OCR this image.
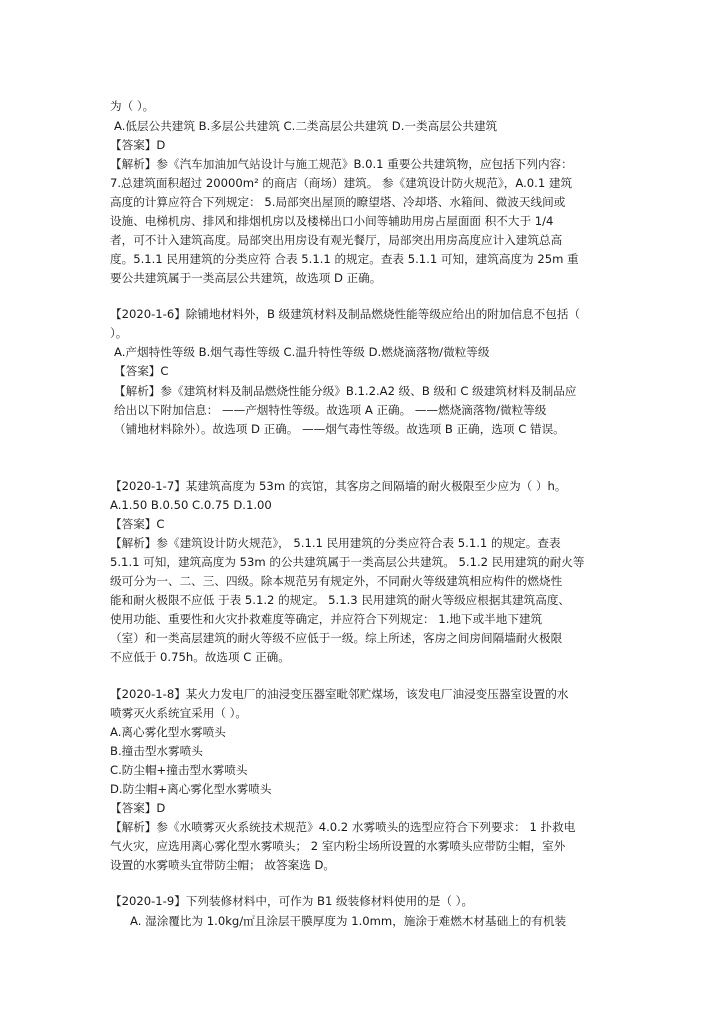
为（ ）。
A.低层公共建筑 B.多层公共建筑 C.二类高层公共建筑 D.一类高层公共建筑
【答案】D
【解析】参《汽车加油加气站设计与施工规范》B.0.1 重要公共建筑物，应包括下列内容：
7.总建筑面积超过 20000m² 的商店（商场）建筑。 参《建筑设计防火规范》，A.0.1 建筑
高度的计算应符合下列规定： 5.局部突出屋顶的瞭望塔、冷却塔、水箱间、微波天线间或
设施、电梯机房、排风和排烟机房以及楼梯出口小间等辅助用房占屋面面 积不大于 1/4
者，可不计入建筑高度。局部突出用房设有观光餐厅，局部突出用房高度应计入建筑总高
度。5.1.1 民用建筑的分类应符 合表 5.1.1 的规定。查表 5.1.1 可知，建筑高度为 25m 重
要公共建筑属于一类高层公共建筑，故选项 D 正确。
【2020-1-6】除铺地材料外，B 级建筑材料及制品燃烧性能等级应给出的附加信息不包括（
）。
A.产烟特性等级 B.烟气毒性等级 C.温升特性等级 D.燃烧滴落物/微粒等级
【答案】C
【解析】参《建筑材料及制品燃烧性能分级》B.1.2.A2 级、B 级和 C 级建筑材料及制品应
给出以下附加信息： ——产烟特性等级。故选项 A 正确。 ——燃烧滴落物/微粒等级
（铺地材料除外）。故选项 D 正确。 ——烟气毒性等级。故选项 B 正确，选项 C 错误。
【2020-1-7】某建筑高度为 53m 的宾馆，其客房之间隔墙的耐火极限至少应为（ ）h。
A.1.50 B.0.50 C.0.75 D.1.00
【答案】C
【解析】参《建筑设计防火规范》， 5.1.1 民用建筑的分类应符合表 5.1.1 的规定。查表
5.1.1 可知，建筑高度为 53m 的公共建筑属于一类高层公共建筑。 5.1.2 民用建筑的耐火等
级可分为一、二、三、四级。除本规范另有规定外，不同耐火等级建筑相应构件的燃烧性
能和耐火极限不应低 于表 5.1.2 的规定。 5.1.3 民用建筑的耐火等级应根据其建筑高度、
使用功能、重要性和火灾扑救难度等确定，并应符合下列规定： 1.地下或半地下建筑
（室）和一类高层建筑的耐火等级不应低于一级。综上所述，客房之间房间隔墙耐火极限
不应低于 0.75h。故选项 C 正确。
【2020-1-8】某火力发电厂的油浸变压器室毗邻贮煤场，该发电厂油浸变压器室设置的水
喷雾灭火系统宜采用（ ）。
A.离心雾化型水雾喷头
B.撞击型水雾喷头
C.防尘帽+撞击型水雾喷头
D.防尘帽+离心雾化型水雾喷头
【答案】D
【解析】参《水喷雾灭火系统技术规范》4.0.2 水雾喷头的选型应符合下列要求： 1 扑救电
气火灾，应选用离心雾化型水雾喷头； 2 室内粉尘场所设置的水雾喷头应带防尘帽，室外
设置的水雾喷头宜带防尘帽； 故答案选 D。
【2020-1-9】下列装修材料中，可作为 B1 级装修材料使用的是（ ）。
A. 湿涂覆比为 1.0kg/㎡且涂层干膜厚度为 1.0mm，施涂于难燃木材基础上的有机装
